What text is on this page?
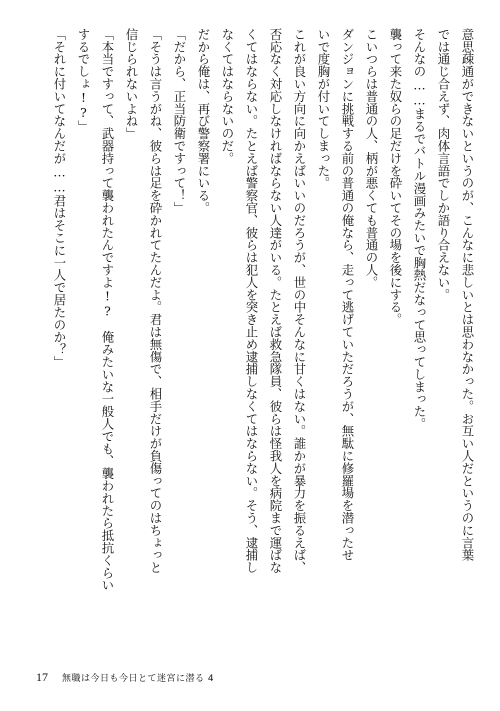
意思疎通ができないというのが、こんなに悲しいとは思わなかった。お互い人だというのに言葉
では通じ合えず、肉体言語でしか語り合えない。
そんなの……まるでバトル漫画みたいで胸熱だなって思ってしまった。
襲って来た奴らの足だけを砕いてその場を後にする。
こいつらは普通の人、柄が悪くても普通の人。
ダンジョンに挑戦する前の普通の俺なら、走って逃げていただろうが、無駄に修羅場を潜ったせ
いで度胸が付いてしまった。
これが良い方向に向かえばいいのだろうが、世の中そんなに甘くはない。誰かが暴力を振るえば、
否応なく対応しなければならない人達がいる。たとえば救急隊員、彼らは怪我人を病院まで運ばな
くてはならない。たとえば警察官、彼らは犯人を突き止め逮捕しなくてはならない。そう、逮捕し
なくてはならないのだ。
だから俺は、再び警察署にいる。
「だから、正当防衛ですって！」
「そうは言うがね、彼らは足を砕かれてたんだよ。君は無傷で、相手だけが負傷ってのはちょっと
信じられないよね」
「本当ですって、武器持って襲われたんですよ!?　俺みたいな一般人でも、襲われたら抵抗くらい
するでしょ!?」
「それに付いてなんだが……君はそこに一人で居たのか？」
17 無職は今日も今日とて迷宮に潜る 4
